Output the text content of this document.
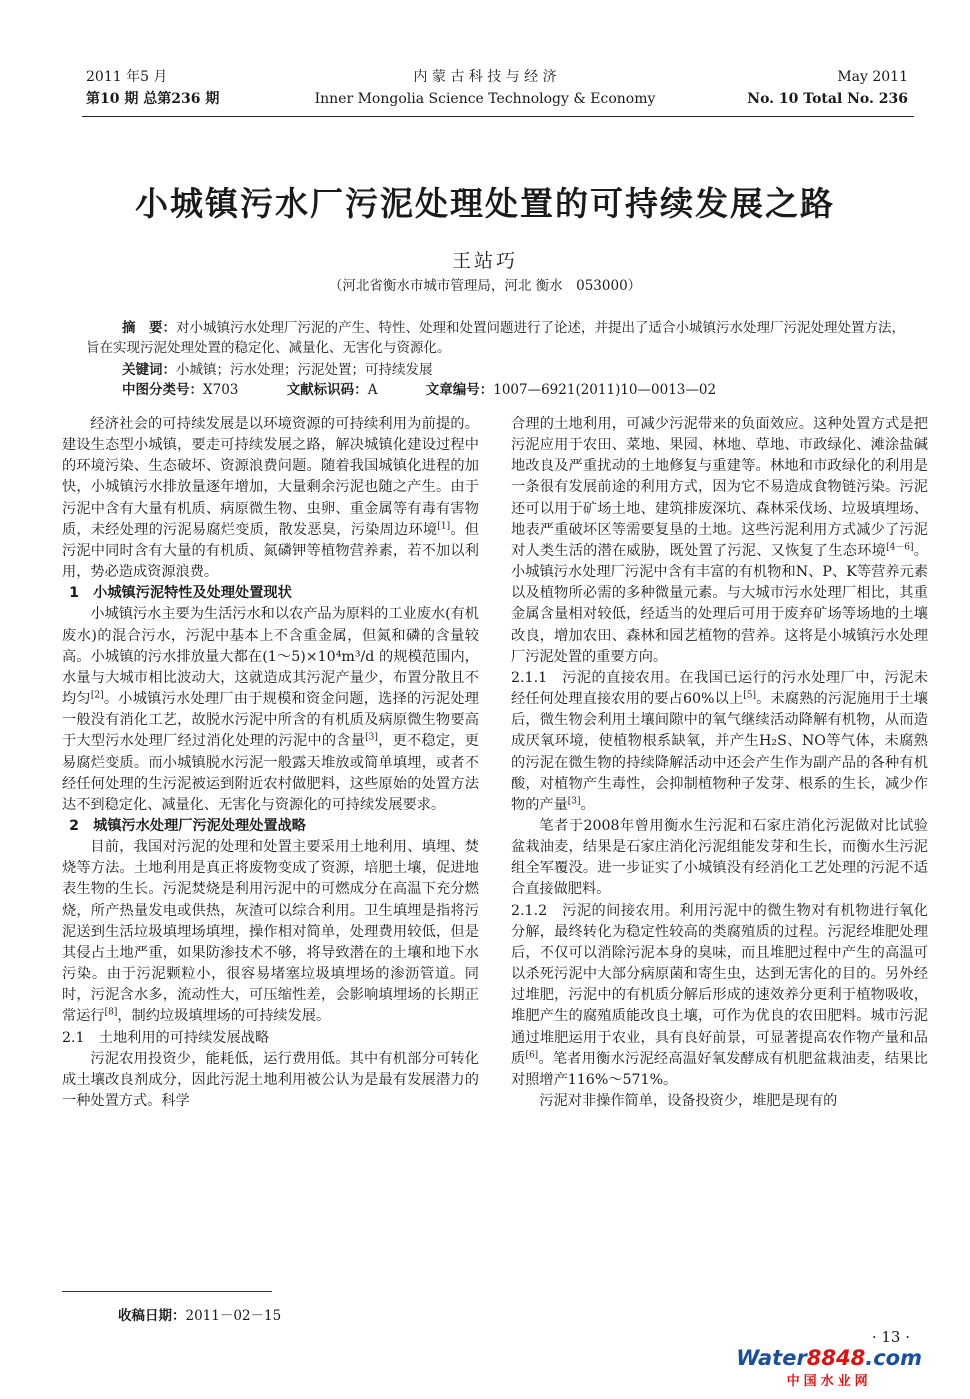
2011 年5 月
第10 期 总第236 期
内 蒙 古 科 技 与 经 济
Inner Mongolia Science Technology & Economy
May 2011
No. 10 Total No. 236
小城镇污水厂污泥处理处置的可持续发展之路
王站巧
（河北省衡水市城市管理局，河北 衡水　053000）
摘　要：对小城镇污水处理厂污泥的产生、特性、处理和处置问题进行了论述，并提出了适合小城镇污水处理厂污泥处理处置方法，旨在实现污泥处理处置的稳定化、减量化、无害化与资源化。
关键词：小城镇；污水处理；污泥处置；可持续发展
中图分类号：X703	文献标识码：A	文章编号：1007—6921(2011)10—0013—02

经济社会的可持续发展是以环境资源的可持续利用为前提的。建设生态型小城镇，要走可持续发展之路，解决城镇化建设过程中的环境污染、生态破坏、资源浪费问题。随着我国城镇化进程的加快，小城镇污水排放量逐年增加，大量剩余污泥也随之产生。由于污泥中含有大量有机质、病原微生物、虫卵、重金属等有毒有害物质，未经处理的污泥易腐烂变质，散发恶臭，污染周边环境[1]。但污泥中同时含有大量的有机质、氮磷钾等植物营养素，若不加以利用，势必造成资源浪费。

1　小城镇污泥特性及处理处置现状

小城镇污水主要为生活污水和以农产品为原料的工业废水(有机废水)的混合污水，污泥中基本上不含重金属，但氮和磷的含量较高。小城镇的污水排放量大都在(1～5)×10⁴m³/d 的规模范围内，水量与大城市相比波动大，这就造成其污泥产量少，布置分散且不均匀[2]。小城镇污水处理厂由于规模和资金问题，选择的污泥处理一般没有消化工艺，故脱水污泥中所含的有机质及病原微生物要高于大型污水处理厂经过消化处理的污泥中的含量[3]，更不稳定，更易腐烂变质。而小城镇脱水污泥一般露天堆放或简单填埋，或者不经任何处理的生污泥被运到附近农村做肥料，这些原始的处置方法达不到稳定化、减量化、无害化与资源化的可持续发展要求。

2　城镇污水处理厂污泥处理处置战略

目前，我国对污泥的处理和处置主要采用土地利用、填埋、焚烧等方法。土地利用是真正将废物变成了资源，培肥土壤，促进地表生物的生长。污泥焚烧是利用污泥中的可燃成分在高温下充分燃烧，所产热量发电或供热，灰渣可以综合利用。卫生填埋是指将污泥送到生活垃圾填埋场填埋，操作相对简单，处理费用较低，但是其侵占土地严重，如果防渗技术不够，将导致潜在的土壤和地下水污染。由于污泥颗粒小，很容易堵塞垃圾填埋场的渗沥管道。同时，污泥含水多，流动性大，可压缩性差，会影响填埋场的长期正常运行[8]，制约垃圾填埋场的可持续发展。

2.1　土地利用的可持续发展战略

污泥农用投资少，能耗低，运行费用低。其中有机部分可转化成土壤改良剂成分，因此污泥土地利用被公认为是最有发展潜力的一种处置方式。科学

合理的土地利用，可减少污泥带来的负面效应。这种处置方式是把污泥应用于农田、菜地、果园、林地、草地、市政绿化、滩涂盐碱地改良及严重扰动的土地修复与重建等。林地和市政绿化的利用是一条很有发展前途的利用方式，因为它不易造成食物链污染。污泥还可以用于矿场土地、建筑排废深坑、森林采伐场、垃圾填埋场、地表严重破坏区等需要复垦的土地。这些污泥利用方式减少了污泥对人类生活的潜在威胁，既处置了污泥、又恢复了生态环境[4－6]。小城镇污水处理厂污泥中含有丰富的有机物和N、P、K等营养元素以及植物所必需的多种微量元素。与大城市污水处理厂相比，其重金属含量相对较低，经适当的处理后可用于废弃矿场等场地的土壤改良，增加农田、森林和园艺植物的营养。这将是小城镇污水处理厂污泥处置的重要方向。

2.1.1　污泥的直接农用。在我国已运行的污水处理厂中，污泥未经任何处理直接农用的要占60%以上[5]。未腐熟的污泥施用于土壤后，微生物会利用土壤间隙中的氧气继续活动降解有机物，从而造成厌氧环境，使植物根系缺氧，并产生H₂S、NO等气体，未腐熟的污泥在微生物的持续降解活动中还会产生作为副产品的各种有机酸，对植物产生毒性，会抑制植物种子发芽、根系的生长，减少作物的产量[3]。

笔者于2008年曾用衡水生污泥和石家庄消化污泥做对比试验盆栽油麦，结果是石家庄消化污泥组能发芽和生长，而衡水生污泥组全军覆没。进一步证实了小城镇没有经消化工艺处理的污泥不适合直接做肥料。

2.1.2　污泥的间接农用。利用污泥中的微生物对有机物进行氧化分解，最终转化为稳定性较高的类腐殖质的过程。污泥经堆肥处理后，不仅可以消除污泥本身的臭味，而且堆肥过程中产生的高温可以杀死污泥中大部分病原菌和寄生虫，达到无害化的目的。另外经过堆肥，污泥中的有机质分解后形成的速效养分更利于植物吸收，堆肥产生的腐殖质能改良土壤，可作为优良的农田肥料。城市污泥通过堆肥运用于农业，具有良好前景，可显著提高农作物产量和品质[6]。笔者用衡水污泥经高温好氧发酵成有机肥盆栽油麦，结果比对照增产116%～571%。

污泥对非操作简单，设备投资少，堆肥是现有的

收稿日期：2011－02－15
· 13 ·
Water8848.com
中国水业网
